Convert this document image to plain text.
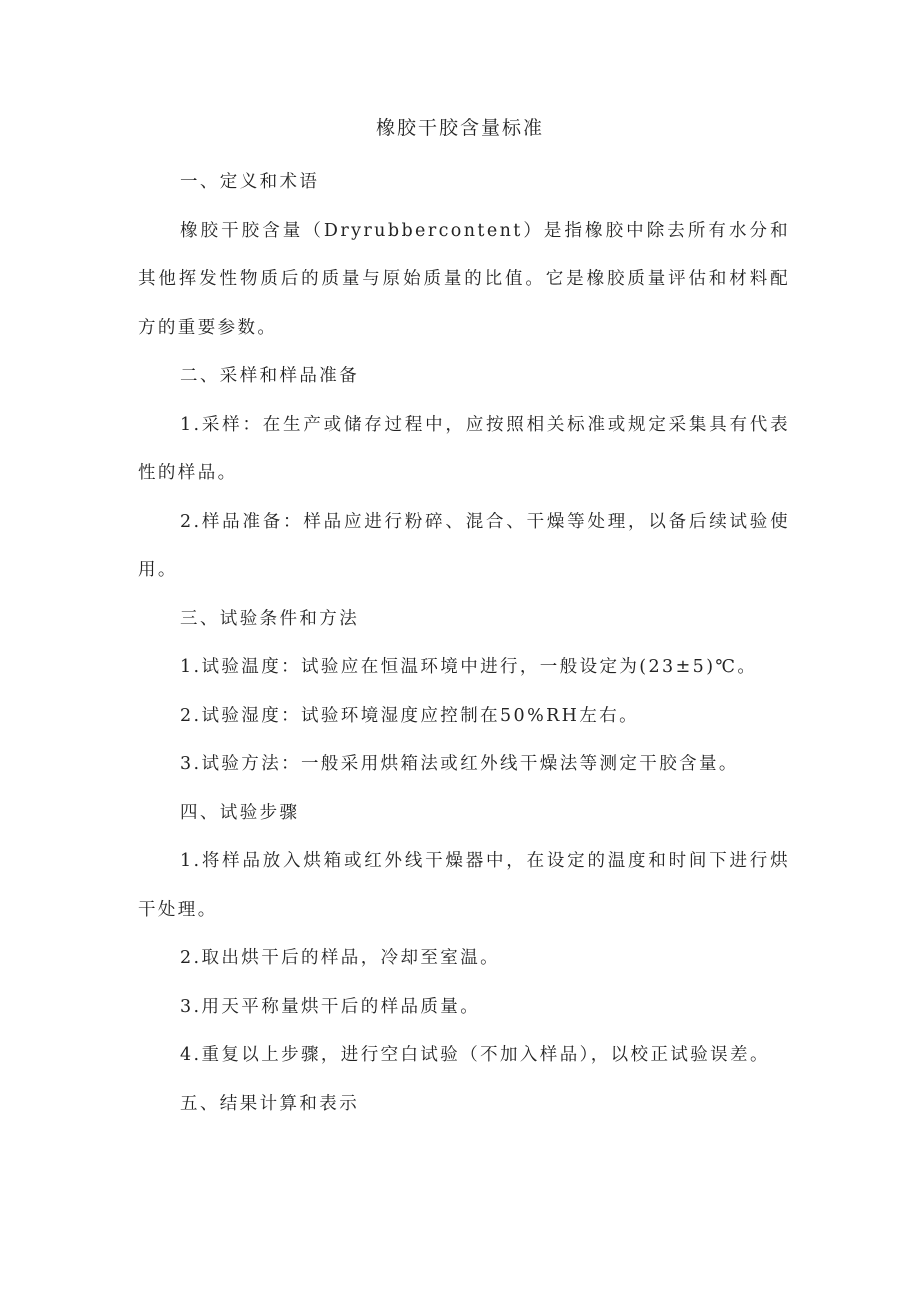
橡胶干胶含量标准

一、定义和术语

橡胶干胶含量（Dryrubbercontent）是指橡胶中除去所有水分和其他挥发性物质后的质量与原始质量的比值。它是橡胶质量评估和材料配方的重要参数。

二、采样和样品准备

1.采样：在生产或储存过程中，应按照相关标准或规定采集具有代表性的样品。

2.样品准备：样品应进行粉碎、混合、干燥等处理，以备后续试验使用。

三、试验条件和方法

1.试验温度：试验应在恒温环境中进行，一般设定为(23±5)℃。

2.试验湿度：试验环境湿度应控制在50%RH左右。

3.试验方法：一般采用烘箱法或红外线干燥法等测定干胶含量。

四、试验步骤

1.将样品放入烘箱或红外线干燥器中，在设定的温度和时间下进行烘干处理。

2.取出烘干后的样品，冷却至室温。

3.用天平称量烘干后的样品质量。

4.重复以上步骤，进行空白试验（不加入样品），以校正试验误差。

五、结果计算和表示
